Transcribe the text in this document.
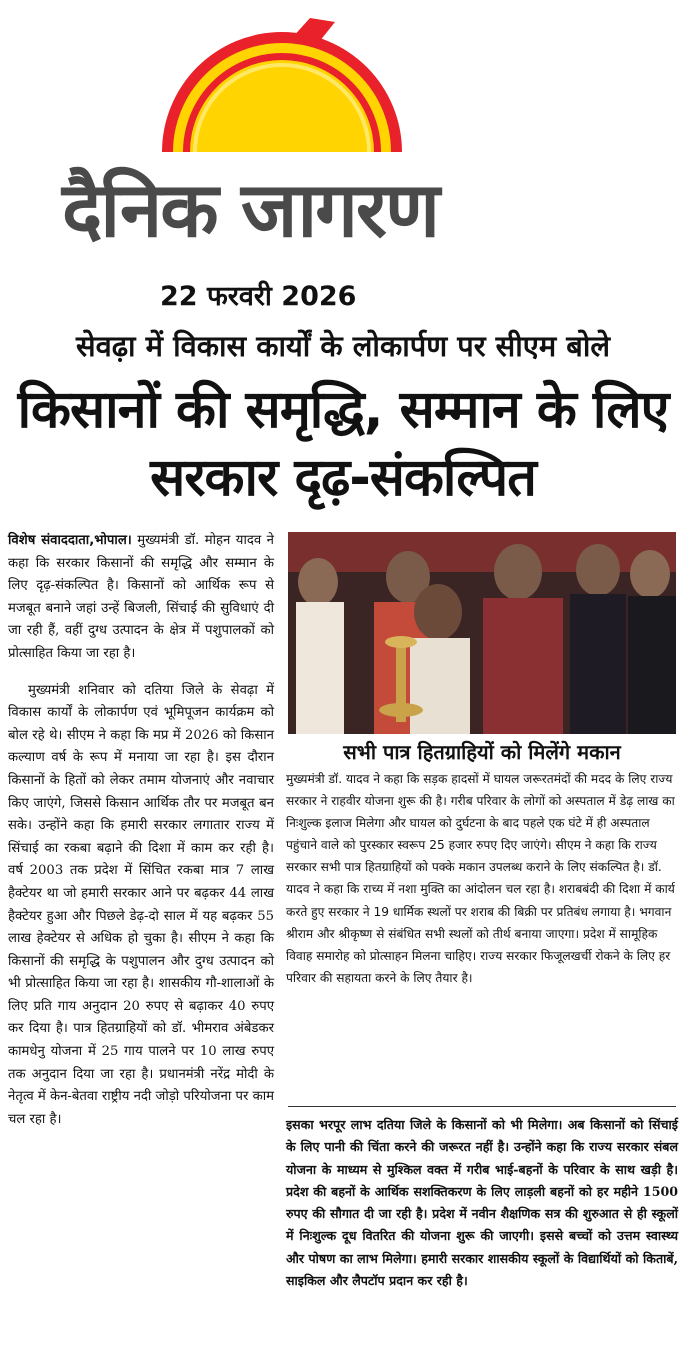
दैनिक जागरण
22 फरवरी 2026
सेवढ़ा में विकास कार्यों के लोकार्पण पर सीएम बोले
किसानों की समृद्धि, सम्मान के लिए सरकार दृढ़-संकल्पित

विशेष संवाददाता,भोपाल। मुख्यमंत्री डॉ. मोहन यादव ने कहा कि सरकार किसानों की समृद्धि और सम्मान के लिए दृढ़-संकल्पित है। किसानों को आर्थिक रूप से मजबूत बनाने जहां उन्हें बिजली, सिंचाई की सुविधाएं दी जा रही हैं, वहीं दुग्ध उत्पादन के क्षेत्र में पशुपालकों को प्रोत्साहित किया जा रहा है।

मुख्यमंत्री शनिवार को दतिया जिले के सेवढ़ा में विकास कार्यों के लोकार्पण एवं भूमिपूजन कार्यक्रम को बोल रहे थे। सीएम ने कहा कि मप्र में 2026 को किसान कल्याण वर्ष के रूप में मनाया जा रहा है। इस दौरान किसानों के हितों को लेकर तमाम योजनाएं और नवाचार किए जाएंगे, जिससे किसान आर्थिक तौर पर मजबूत बन सके। उन्होंने कहा कि हमारी सरकार लगातार राज्य में सिंचाई का रकबा बढ़ाने की दिशा में काम कर रही है। वर्ष 2003 तक प्रदेश में सिंचित रकबा मात्र 7 लाख हैक्टेयर था जो हमारी सरकार आने पर बढ़कर 44 लाख हैक्टेयर हुआ और पिछले डेढ़-दो साल में यह बढ़कर 55 लाख हेक्टेयर से अधिक हो चुका है। सीएम ने कहा कि किसानों की समृद्धि के पशुपालन और दुग्ध उत्पादन को भी प्रोत्साहित किया जा रहा है। शासकीय गौ-शालाओं के लिए प्रति गाय अनुदान 20 रुपए से बढ़ाकर 40 रुपए कर दिया है। पात्र हितग्राहियों को डॉ. भीमराव अंबेडकर कामधेनु योजना में 25 गाय पालने पर 10 लाख रुपए तक अनुदान दिया जा रहा है। प्रधानमंत्री नरेंद्र मोदी के नेतृत्व में केन-बेतवा राष्ट्रीय नदी जोड़ो परियोजना पर काम चल रहा है।

सभी पात्र हितग्राहियों को मिलेंगे मकान

मुख्यमंत्री डॉ. यादव ने कहा कि सड़क हादसों में घायल जरूरतमंदों की मदद के लिए राज्य सरकार ने राहवीर योजना शुरू की है। गरीब परिवार के लोगों को अस्पताल में डेढ़ लाख का निःशुल्क इलाज मिलेगा और घायल को दुर्घटना के बाद पहले एक घंटे में ही अस्पताल पहुंचाने वाले को पुरस्कार स्वरूप 25 हजार रुपए दिए जाएंगे। सीएम ने कहा कि राज्य सरकार सभी पात्र हितग्राहियों को पक्के मकान उपलब्ध कराने के लिए संकल्पित है। डॉ. यादव ने कहा कि राच्य में नशा मुक्ति का आंदोलन चल रहा है। शराबबंदी की दिशा में कार्य करते हुए सरकार ने 19 धार्मिक स्थलों पर शराब की बिक्री पर प्रतिबंध लगाया है। भगवान श्रीराम और श्रीकृष्ण से संबंधित सभी स्थलों को तीर्थ बनाया जाएगा। प्रदेश में सामूहिक विवाह समारोह को प्रोत्साहन मिलना चाहिए। राज्य सरकार फिजूलखर्ची रोकने के लिए हर परिवार की सहायता करने के लिए तैयार है।

इसका भरपूर लाभ दतिया जिले के किसानों को भी मिलेगा। अब किसानों को सिंचाई के लिए पानी की चिंता करने की जरूरत नहीं है। उन्होंने कहा कि राज्य सरकार संबल योजना के माध्यम से मुश्किल वक्त में गरीब भाई-बहनों के परिवार के साथ खड़ी है। प्रदेश की बहनों के आर्थिक सशक्तिकरण के लिए लाड़ली बहनों को हर महीने 1500 रुपए की सौगात दी जा रही है। प्रदेश में नवीन शैक्षणिक सत्र की शुरुआत से ही स्कूलों में निःशुल्क दूध वितरित की योजना शुरू की जाएगी। इससे बच्चों को उत्तम स्वास्थ्य और पोषण का लाभ मिलेगा। हमारी सरकार शासकीय स्कूलों के विद्यार्थियों को किताबें, साइकिल और लैपटॉप प्रदान कर रही है।
